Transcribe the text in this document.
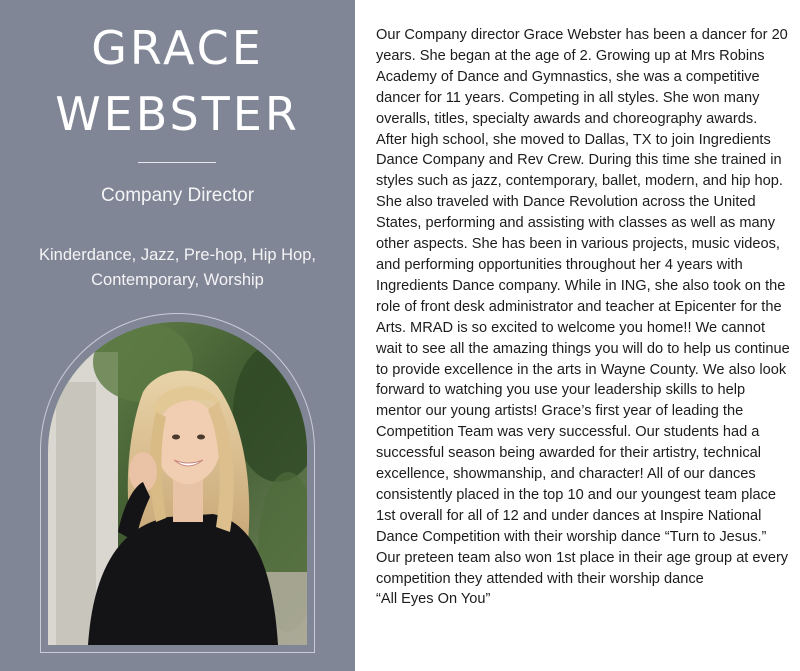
GRACE
WEBSTER
Company Director
Kinderdance, Jazz, Pre-hop, Hip Hop,
Contemporary, Worship

Our Company director Grace Webster has been a dancer for 20 years. She began at the age of 2. Growing up at Mrs Robins Academy of Dance and Gymnastics, she was a competitive dancer for 11 years. Competing in all styles. She won many overalls, titles, specialty awards and choreography awards. After high school, she moved to Dallas, TX to join Ingredients Dance Company and Rev Crew. During this time she trained in styles such as jazz, contemporary, ballet, modern, and hip hop. She also traveled with Dance Revolution across the United States, performing and assisting with classes as well as many other aspects. She has been in various projects, music videos, and performing opportunities throughout her 4 years with Ingredients Dance company. While in ING, she also took on the role of front desk administrator and teacher at Epicenter for the Arts. MRAD is so excited to welcome you home!! We cannot wait to see all the amazing things you will do to help us continue to provide excellence in the arts in Wayne County. We also look forward to watching you use your leadership skills to help mentor our young artists! Grace’s first year of leading the Competition Team was very successful. Our students had a successful season being awarded for their artistry, technical excellence, showmanship, and character! All of our dances consistently placed in the top 10 and our youngest team place 1st overall for all of 12 and under dances at Inspire National Dance Competition with their worship dance “Turn to Jesus.” Our preteen team also won 1st place in their age group at every competition they attended with their worship dance
“All Eyes On You”
